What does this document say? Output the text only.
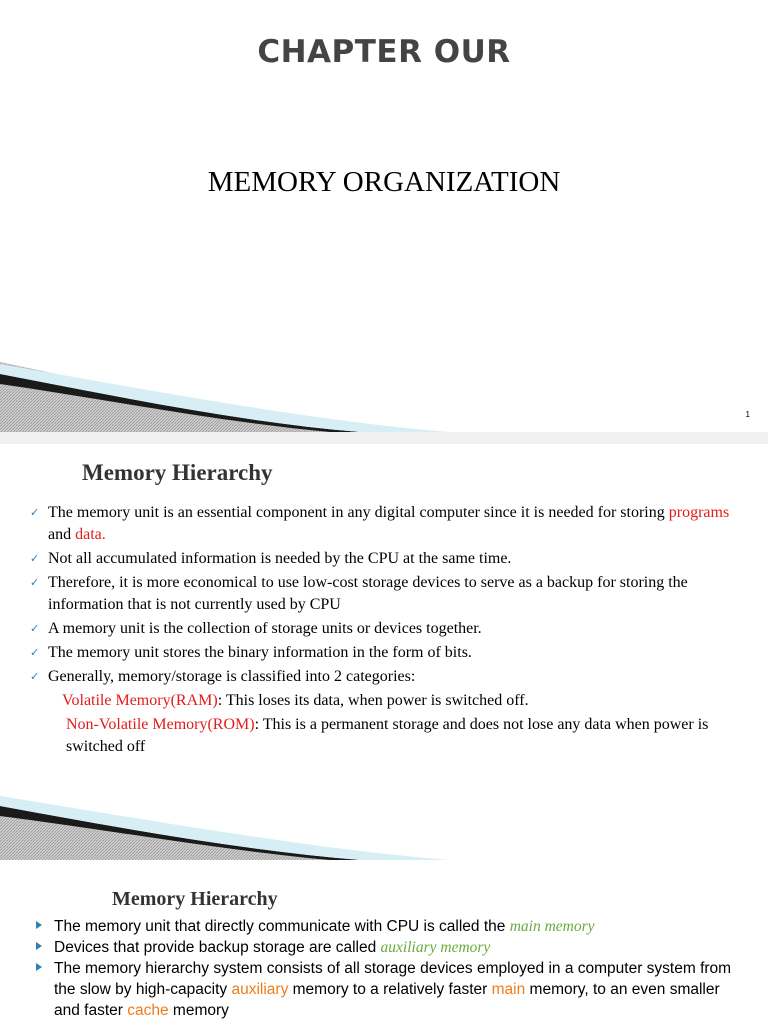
CHAPTER OUR
MEMORY ORGANIZATION
1
Memory Hierarchy
✓ The memory unit is an essential component in any digital computer since it is needed for storing programs and data.
✓ Not all accumulated information is needed by the CPU at the same time.
✓ Therefore, it is more economical to use low-cost storage devices to serve as a backup for storing the information that is not currently used by CPU
✓ A memory unit is the collection of storage units or devices together.
✓ The memory unit stores the binary information in the form of bits.
✓ Generally, memory/storage is classified into 2 categories:
Volatile Memory(RAM): This loses its data, when power is switched off.
Non-Volatile Memory(ROM): This is a permanent storage and does not lose any data when power is switched off
Memory Hierarchy
The memory unit that directly communicate with CPU is called the main memory
Devices that provide backup storage are called auxiliary memory
The memory hierarchy system consists of all storage devices employed in a computer system from the slow by high-capacity auxiliary memory to a relatively faster main memory, to an even smaller and faster cache memory
